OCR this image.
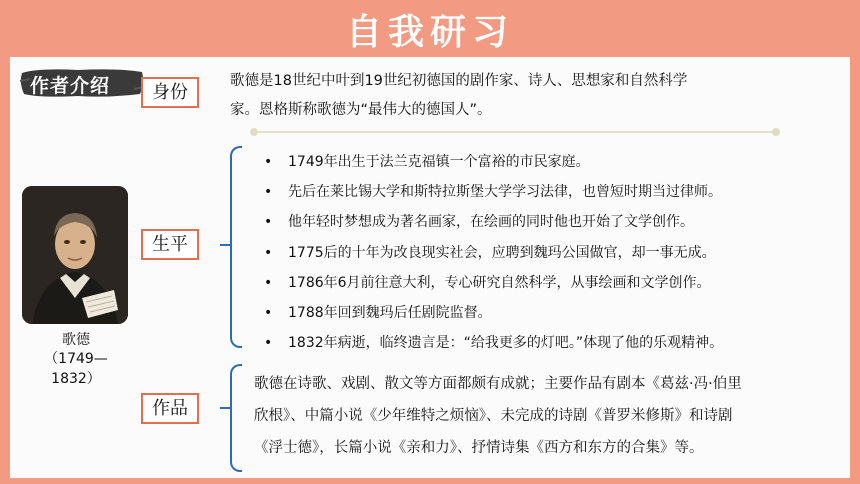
自我研习
作者介绍	身份
歌德是18世纪中叶到19世纪初德国的剧作家、诗人、思想家和自然科学
家。恩格斯称歌德为“最伟大的德国人”。
歌德
（1749—1832）
生平
• 1749年出生于法兰克福镇一个富裕的市民家庭。
• 先后在莱比锡大学和斯特拉斯堡大学学习法律，也曾短时期当过律师。
• 他年轻时梦想成为著名画家，在绘画的同时他也开始了文学创作。
• 1775后的十年为改良现实社会，应聘到魏玛公国做官，却一事无成。
• 1786年6月前往意大利，专心研究自然科学，从事绘画和文学创作。
• 1788年回到魏玛后任剧院监督。
• 1832年病逝，临终遗言是：“给我更多的灯吧。”体现了他的乐观精神。
作品
歌德在诗歌、戏剧、散文等方面都颇有成就；主要作品有剧本《葛兹·冯·伯里
欣根》、中篇小说《少年维特之烦恼》、未完成的诗剧《普罗米修斯》和诗剧
《浮士德》，长篇小说《亲和力》、抒情诗集《西方和东方的合集》等。
